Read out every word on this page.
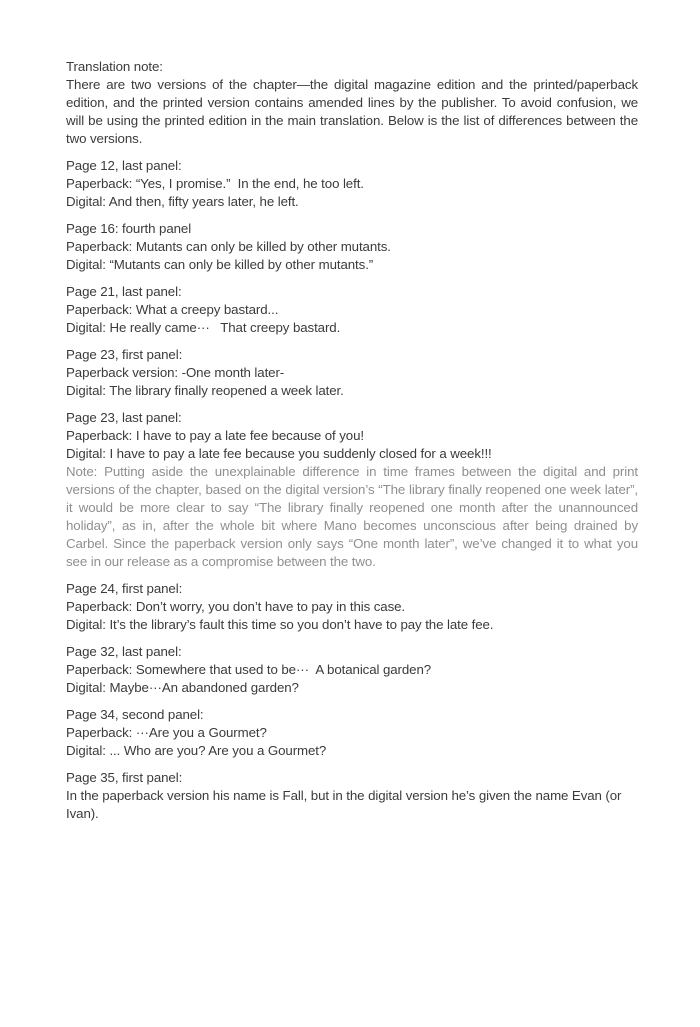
Translation note:

There are two versions of the chapter—the digital magazine edition and the printed/paperback edition, and the printed version contains amended lines by the publisher. To avoid confusion, we will be using the printed edition in the main translation. Below is the list of differences between the two versions.

Page 12, last panel:
Paperback: “Yes, I promise.”  In the end, he too left.
Digital: And then, fifty years later, he left.
Page 16: fourth panel
Paperback: Mutants can only be killed by other mutants.
Digital: “Mutants can only be killed by other mutants.”
Page 21, last panel:
Paperback: What a creepy bastard...
Digital: He really came···   That creepy bastard.
Page 23, first panel:
Paperback version: -One month later-
Digital: The library finally reopened a week later.
Page 23, last panel:
Paperback: I have to pay a late fee because of you!
Digital: I have to pay a late fee because you suddenly closed for a week!!!

Note: Putting aside the unexplainable difference in time frames between the digital and print versions of the chapter, based on the digital version’s “The library finally reopened one week later”, it would be more clear to say “The library finally reopened one month after the unannounced holiday”, as in, after the whole bit where Mano becomes unconscious after being drained by Carbel. Since the paperback version only says “One month later”, we’ve changed it to what you see in our release as a compromise between the two.

Page 24, first panel:
Paperback: Don’t worry, you don’t have to pay in this case.
Digital: It’s the library’s fault this time so you don’t have to pay the late fee.
Page 32, last panel:
Paperback: Somewhere that used to be···  A botanical garden?
Digital: Maybe···An abandoned garden?
Page 34, second panel:
Paperback: ···Are you a Gourmet?
Digital: ... Who are you? Are you a Gourmet?
Page 35, first panel:
In the paperback version his name is Fall, but in the digital version he’s given the name Evan (or Ivan).
